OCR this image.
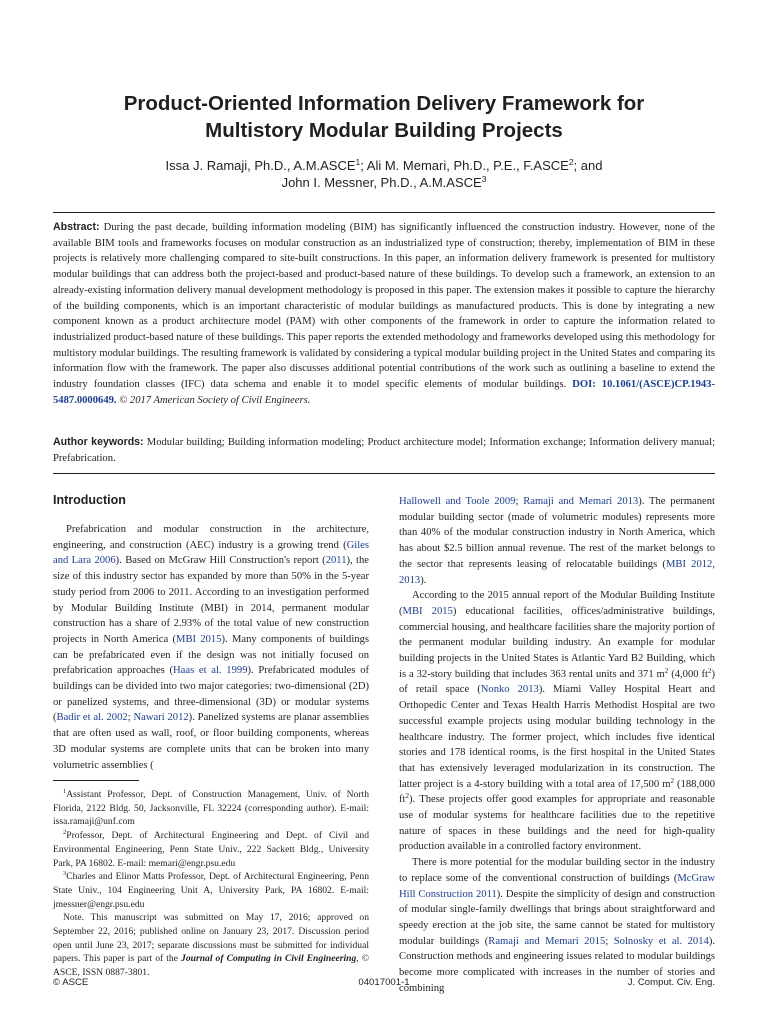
Product-Oriented Information Delivery Framework for
Multistory Modular Building Projects
Issa J. Ramaji, Ph.D., A.M.ASCE$^1$; Ali M. Memari, Ph.D., P.E., F.ASCE$^2$; and
John I. Messner, Ph.D., A.M.ASCE$^3$

Abstract: During the past decade, building information modeling (BIM) has significantly influenced the construction industry. However, none of the available BIM tools and frameworks focuses on modular construction as an industrialized type of construction; thereby, implementation of BIM in these projects is relatively more challenging compared to site-built constructions. In this paper, an information delivery framework is presented for multistory modular buildings that can address both the project-based and product-based nature of these buildings. To develop such a framework, an extension to an already-existing information delivery manual development methodology is proposed in this paper. The extension makes it possible to capture the hierarchy of the building components, which is an important characteristic of modular buildings as manufactured products. This is done by integrating a new component known as a product architecture model (PAM) with other components of the framework in order to capture the information related to industrialized product-based nature of these buildings. This paper reports the extended methodology and frameworks developed using this methodology for multistory modular buildings. The resulting framework is validated by considering a typical modular building project in the United States and comparing its information flow with the framework. The paper also discusses additional potential contributions of the work such as outlining a baseline to extend the industry foundation classes (IFC) data schema and enable it to model specific elements of modular buildings. DOI: 10.1061/(ASCE)CP.1943-5487.0000649. © 2017 American Society of Civil Engineers.

Author keywords: Modular building; Building information modeling; Product architecture model; Information exchange; Information delivery manual; Prefabrication.

Introduction

Prefabrication and modular construction in the architecture, engineering, and construction (AEC) industry is a growing trend (Giles and Lara 2006). Based on McGraw Hill Construction's report (2011), the size of this industry sector has expanded by more than 50% in the 5-year study period from 2006 to 2011. According to an investigation performed by Modular Building Institute (MBI) in 2014, permanent modular construction has a share of 2.93% of the total value of new construction projects in North America (MBI 2015). Many components of buildings can be prefabricated even if the design was not initially focused on prefabrication approaches (Haas et al. 1999). Prefabricated modules of buildings can be divided into two major categories: two-dimensional (2D) or panelized systems, and three-dimensional (3D) or modular systems (Badir et al. 2002; Nawari 2012). Panelized systems are planar assemblies that are often used as wall, roof, or floor building components, whereas 3D modular systems are complete units that can be broken into many volumetric assemblies (

$^1$Assistant Professor, Dept. of Construction Management, Univ. of North Florida, 2122 Bldg. 50, Jacksonville, FL 32224 (corresponding author). E-mail: issa.ramaji@unf.com

$^2$Professor, Dept. of Architectural Engineering and Dept. of Civil and Environmental Engineering, Penn State Univ., 222 Sackett Bldg., University Park, PA 16802. E-mail: memari@engr.psu.edu

$^3$Charles and Elinor Matts Professor, Dept. of Architectural Engineering, Penn State Univ., 104 Engineering Unit A, University Park, PA 16802. E-mail: jmessner@engr.psu.edu

Note. This manuscript was submitted on May 17, 2016; approved on September 22, 2016; published online on January 23, 2017. Discussion period open until June 23, 2017; separate discussions must be submitted for individual papers. This paper is part of the Journal of Computing in Civil Engineering, © ASCE, ISSN 0887-3801.

Hallowell and Toole 2009; Ramaji and Memari 2013). The permanent modular building sector (made of volumetric modules) represents more than 40% of the modular construction industry in North America, which has about $2.5 billion annual revenue. The rest of the market belongs to the sector that represents leasing of relocatable buildings (MBI 2012, 2013).

According to the 2015 annual report of the Modular Building Institute (MBI 2015) educational facilities, offices/administrative buildings, commercial housing, and healthcare facilities share the majority portion of the permanent modular building industry. An example for modular building projects in the United States is Atlantic Yard B2 Building, which is a 32-story building that includes 363 rental units and 371 $m^2$ (4,000 $ft^2$) of retail space (Nonko 2013). Miami Valley Hospital Heart and Orthopedic Center and Texas Health Harris Methodist Hospital are two successful example projects using modular building technology in the healthcare industry. The former project, which includes five identical stories and 178 identical rooms, is the first hospital in the United States that has extensively leveraged modularization in its construction. The latter project is a 4-story building with a total area of 17,500 $m^2$ (188,000 $ft^2$). These projects offer good examples for appropriate and reasonable use of modular systems for healthcare facilities due to the repetitive nature of spaces in these buildings and the need for high-quality production available in a controlled factory environment.

There is more potential for the modular building sector in the industry to replace some of the conventional construction of buildings (McGraw Hill Construction 2011). Despite the simplicity of design and construction of modular single-family dwellings that brings about straightforward and speedy erection at the job site, the same cannot be stated for multistory modular buildings (Ramaji and Memari 2015; Solnosky et al. 2014). Construction methods and engineering issues related to modular buildings become more complicated with increases in the number of stories and combining

© ASCE	04017001-1	J. Comput. Civ. Eng.
